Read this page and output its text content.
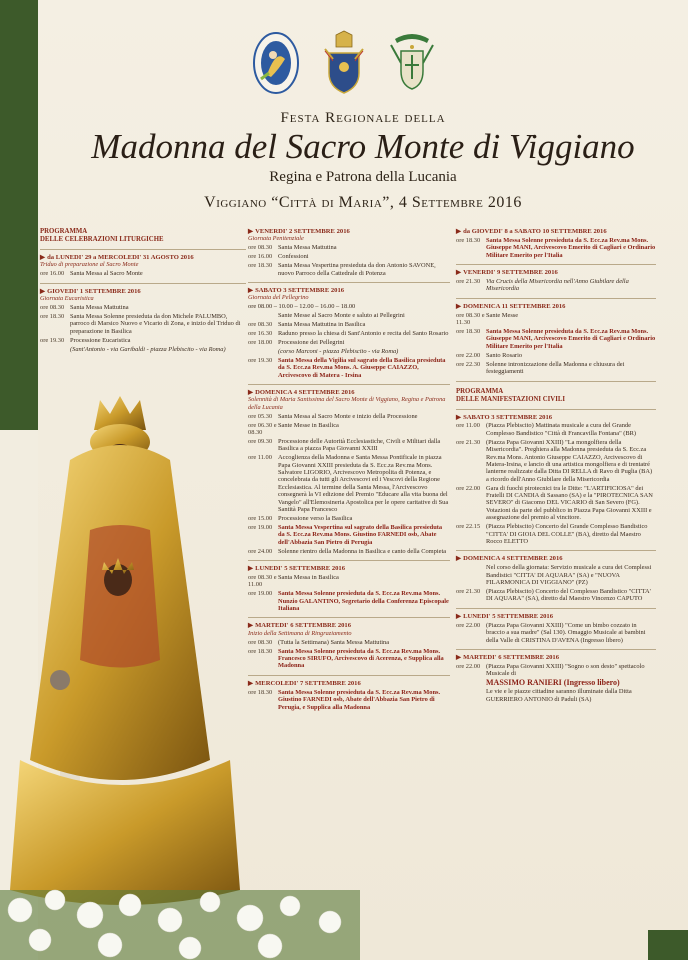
Festa Regionale della
Madonna del Sacro Monte di Viggiano
Regina e Patrona della Lucania
Viggiano “Città di Maria”, 4 Settembre 2016
PROGRAMMA
DELLE CELEBRAZIONI LITURGICHE
▶ da LUNEDI' 29 a MERCOLEDI' 31 AGOSTO 2016
Triduo di preparazione al Sacro Monte
ore 16.00 Santa Messa al Sacro Monte
▶ GIOVEDI' 1 SETTEMBRE 2016
Giornata Eucaristica
ore 08.30 Santa Messa Mattutina
ore 18.30 Santa Messa Solenne presieduta da don Michele PALUMBO, parroco di Marsico Nuovo e Vicario di Zona, e inizio del Triduo di preparazione in Basilica
ore 19.30 Processione Eucaristica
(Sant'Antonio - via Garibaldi - piazza Plebiscito - via Roma)
▶ VENERDI' 2 SETTEMBRE 2016
Giornata Penitenziale
ore 08.30 Santa Messa Mattutina
ore 16.00 Confessioni
ore 18.30 Santa Messa Vespertina presieduta da don Antonio SAVONE, nuovo Parroco della Cattedrale di Potenza
▶ SABATO 3 SETTEMBRE 2016
Giornata del Pellegrino
ore 08.00 – 10.00 – 12.00 – 16.00 – 18.00
Sante Messe al Sacro Monte e saluto ai Pellegrini
ore 08.30 Santa Messa Mattutina in Basilica
ore 16.30 Raduno presso la chiesa di Sant'Antonio e recita del Santo Rosario
ore 18.00 Processione dei Pellegrini
(corso Marconi - piazza Plebiscito - via Roma)
ore 19.30 Santa Messa della Vigilia sul sagrato della Basilica presieduta da S. Ecc.za Rev.ma Mons. A. Giuseppe CAIAZZO, Arcivescovo di Matera - Irsina
▶ DOMENICA 4 SETTEMBRE 2016
Solennità di Maria Santissima del Sacro Monte di Viggiano, Regina e Patrona della Lucania
ore 05.30 Santa Messa al Sacro Monte e inizio della Processione
ore 06.30 e 08.30
Sante Messe in Basilica
ore 09.30 Processione delle Autorità Ecclesiastiche, Civili e Militari dalla Basilica a piazza Papa Giovanni XXIII
ore 11.00 Accoglienza della Madonna e Santa Messa Pontificale in piazza Papa Giovanni XXIII presieduta da S. Ecc.za Rev.ma Mons. Salvatore LIGORIO, Arcivescovo Metropolita di Potenza, e concelebrata da tutti gli Arcivescovi ed i Vescovi della Regione Ecclesiastica. Al termine della Santa Messa, l'Arcivescovo consegnerà la VI edizione del Premio "Educare alla vita buona del Vangelo" all'Elemosineria Apostolica per le opere caritative di Sua Santità Papa Francesco
ore 15.00 Processione verso la Basilica
ore 19.00 Santa Messa Vespertina sul sagrato della Basilica presieduta da S. Ecc.za Rev.ma Mons. Giustino FARNEDI osb, Abate dell'Abbazia San Pietro di Perugia
ore 24.00 Solenne rientro della Madonna in Basilica e canto della Compieta
▶ LUNEDI' 5 SETTEMBRE 2016
ore 08.30 e 11.00
Santa Messa in Basilica
ore 19.00 Santa Messa Solenne presieduta da S. Ecc.za Rev.ma Mons. Nunzio GALANTINO, Segretario della Conferenza Episcopale Italiana
▶ MARTEDI' 6 SETTEMBRE 2016
Inizio della Settimana di Ringraziamento
ore 08.30 (Tutta la Settimana) Santa Messa Mattutina
ore 18.30 Santa Messa Solenne presieduta da S. Ecc.za Rev.ma Mons. Francesco SIRUFO, Arcivescovo di Acerenza, e Supplica alla Madonna
▶ MERCOLEDI' 7 SETTEMBRE 2016
ore 18.30 Santa Messa Solenne presieduta da S. Ecc.za Rev.ma Mons. Giustino FARNEDI osb, Abate dell'Abbazia San Pietro di Perugia, e Supplica alla Madonna
▶ da GIOVEDI' 8 a SABATO 10 SETTEMBRE 2016
ore 18.30 Santa Messa Solenne presieduta da S. Ecc.za Rev.ma Mons. Giuseppe MANI, Arcivescovo Emerito di Cagliari e Ordinario Militare Emerito per l'Italia
▶ VENERDI' 9 SETTEMBRE 2016
ore 21.30 Via Crucis della Misericordia nell'Anno Giubilare della Misericordia
▶ DOMENICA 11 SETTEMBRE 2016
ore 08.30 e 11.30
Sante Messe
ore 18.30 Santa Messa Solenne presieduta da S. Ecc.za Rev.ma Mons. Giuseppe MANI, Arcivescovo Emerito di Cagliari e Ordinario Militare Emerito per l'Italia
ore 22.00 Santo Rosario
ore 22.30 Solenne intronizzazione della Madonna e chiusura dei festeggiamenti
PROGRAMMA
DELLE MANIFESTAZIONI CIVILI
▶ SABATO 3 SETTEMBRE 2016
ore 11.00 (Piazza Plebiscito) Mattinata musicale a cura del Grande Complesso Bandistico "Città di Francavilla Fontana" (BR)
ore 21.30 (Piazza Papa Giovanni XXIII) "La mongolfiera della Misericordia". Preghiera alla Madonna presieduta da S. Ecc.za Rev.ma Mons. Antonio Giuseppe CAIAZZO, Arcivescovo di Matera-Irsina, e lancio di una artistica mongolfiera e di trentatré lanterne realizzate dalla Ditta DI RELLA di Ravo di Puglia (BA) a ricordo dell'Anno Giubilare della Misericordia
ore 22.00 Gara di fuochi pirotecnici tra le Ditte: "L'ARTIFICIOSA" dei Fratelli DI CANDIA di Sassano (SA) e la "PIROTECNICA SAN SEVERO" di Giacomo DEL VICARIO di San Severo (FG). Votazioni da parte del pubblico in Piazza Papa Giovanni XXIII e assegnazione del premio al vincitore.
ore 22.15 (Piazza Plebiscito) Concerto del Grande Complesso Bandistico "CITTA' DI GIOIA DEL COLLE" (BA), diretto dal Maestro Rocco ELETTO
▶ DOMENICA 4 SETTEMBRE 2016
Nel corso della giornata: Servizio musicale a cura dei Complessi Bandistici "CITTA' DI AQUARA" (SA) e "NUOVA FILARMONICA DI VIGGIANO" (PZ)
ore 21.30 (Piazza Plebiscito) Concerto del Complesso Bandistico "CITTA' DI AQUARA" (SA), diretto dal Maestro Vincenzo CAPUTO
▶ LUNEDI' 5 SETTEMBRE 2016
ore 22.00 (Piazza Papa Giovanni XXIII) "Come un bimbo cozzato in braccio a sua madre" (Sal 130). Omaggio Musicale ai bambini della Valle di CRISTINA D'AVENA (Ingresso libero)
▶ MARTEDI' 6 SETTEMBRE 2016
ore 22.00 (Piazza Papa Giovanni XXIII) "Sogno o son desto" spettacolo Musicale di
MASSIMO RANIERI (Ingresso libero)
Le vie e le piazze cittadine saranno illuminate dalla Ditta GUERRIERO ANTONIO di Paduli (SA)
